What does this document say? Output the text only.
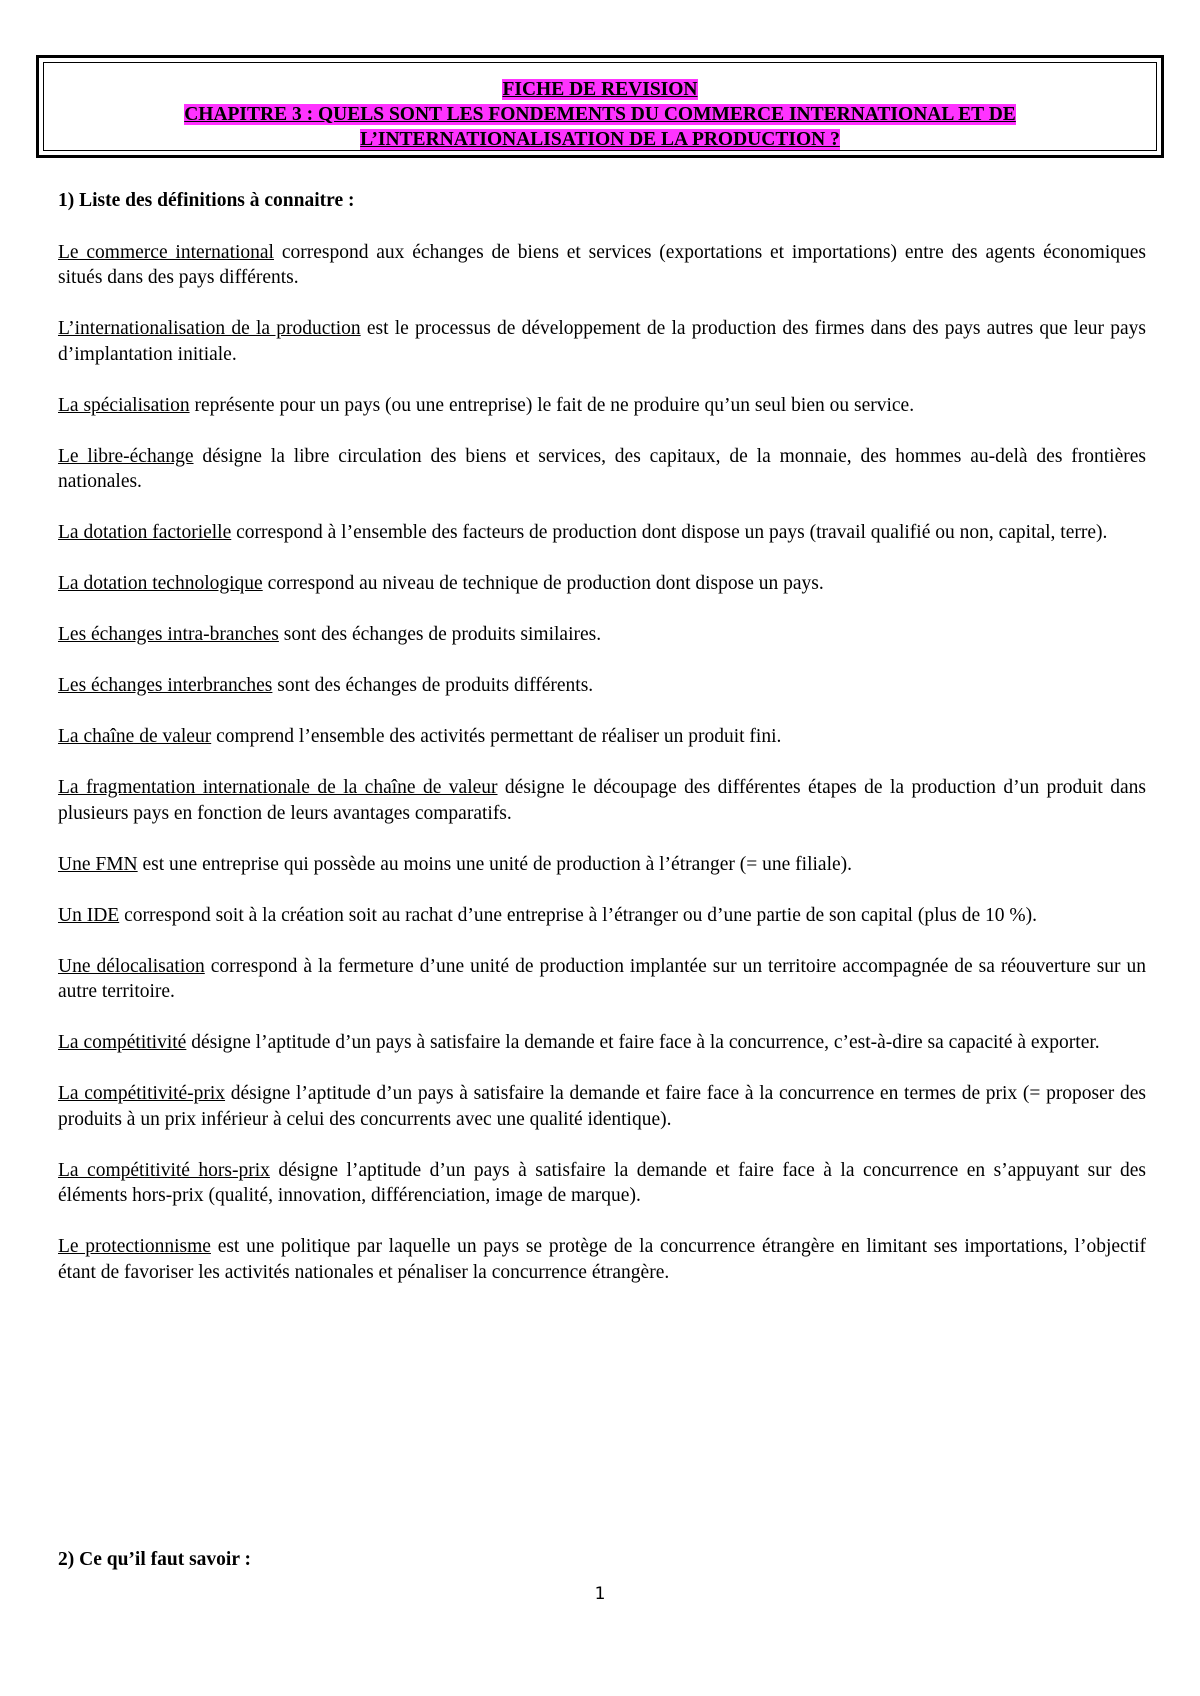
FICHE DE REVISION
CHAPITRE 3 : QUELS SONT LES FONDEMENTS DU COMMERCE INTERNATIONAL ET DE
L’INTERNATIONALISATION DE LA PRODUCTION ?

1) Liste des définitions à connaitre :

Le commerce international correspond aux échanges de biens et services (exportations et importations) entre des agents économiques situés dans des pays différents.

L’internationalisation de la production est le processus de développement de la production des firmes dans des pays autres que leur pays d’implantation initiale.

La spécialisation représente pour un pays (ou une entreprise) le fait de ne produire qu’un seul bien ou service.

Le libre-échange désigne la libre circulation des biens et services, des capitaux, de la monnaie, des hommes au-delà des frontières nationales.

La dotation factorielle correspond à l’ensemble des facteurs de production dont dispose un pays (travail qualifié ou non, capital, terre).

La dotation technologique correspond au niveau de technique de production dont dispose un pays.

Les échanges intra-branches sont des échanges de produits similaires.

Les échanges interbranches sont des échanges de produits différents.

La chaîne de valeur comprend l’ensemble des activités permettant de réaliser un produit fini.

La fragmentation internationale de la chaîne de valeur désigne le découpage des différentes étapes de la production d’un produit dans plusieurs pays en fonction de leurs avantages comparatifs.

Une FMN est une entreprise qui possède au moins une unité de production à l’étranger (= une filiale).

Un IDE correspond soit à la création soit au rachat d’une entreprise à l’étranger ou d’une partie de son capital (plus de 10 %).

Une délocalisation correspond à la fermeture d’une unité de production implantée sur un territoire accompagnée de sa réouverture sur un autre territoire.

La compétitivité désigne l’aptitude d’un pays à satisfaire la demande et faire face à la concurrence, c’est-à-dire sa capacité à exporter.

La compétitivité-prix désigne l’aptitude d’un pays à satisfaire la demande et faire face à la concurrence en termes de prix (= proposer des produits à un prix inférieur à celui des concurrents avec une qualité identique).

La compétitivité hors-prix désigne l’aptitude d’un pays à satisfaire la demande et faire face à la concurrence en s’appuyant sur des éléments hors-prix (qualité, innovation, différenciation, image de marque).

Le protectionnisme est une politique par laquelle un pays se protège de la concurrence étrangère en limitant ses importations, l’objectif étant de favoriser les activités nationales et pénaliser la concurrence étrangère.

2) Ce qu’il faut savoir :
1
